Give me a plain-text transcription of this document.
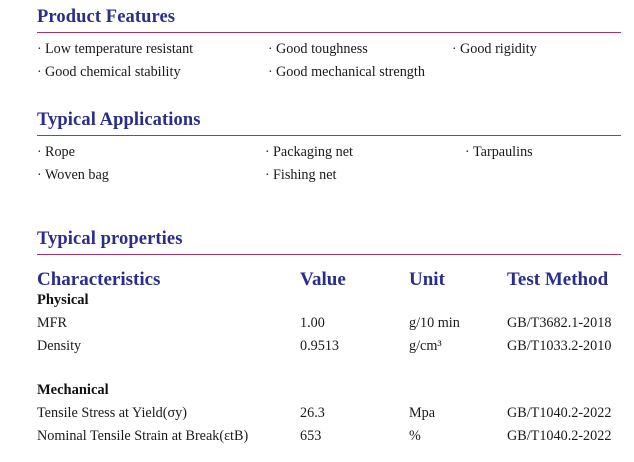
Product Features
· Low temperature resistant	· Good toughness	· Good rigidity
· Good chemical stability	· Good mechanical strength
Typical Applications
· Rope	· Packaging net	· Tarpaulins
· Woven bag	· Fishing net
Typical properties
Characteristics	Value	Unit	Test Method
Physical
MFR	1.00	g/10 min	GB/T3682.1-2018
Density	0.9513	g/cm³	GB/T1033.2-2010
Mechanical
Tensile Stress at Yield(σy)	26.3	Mpa	GB/T1040.2-2022
Nominal Tensile Strain at Break(εtB)	653	%	GB/T1040.2-2022
